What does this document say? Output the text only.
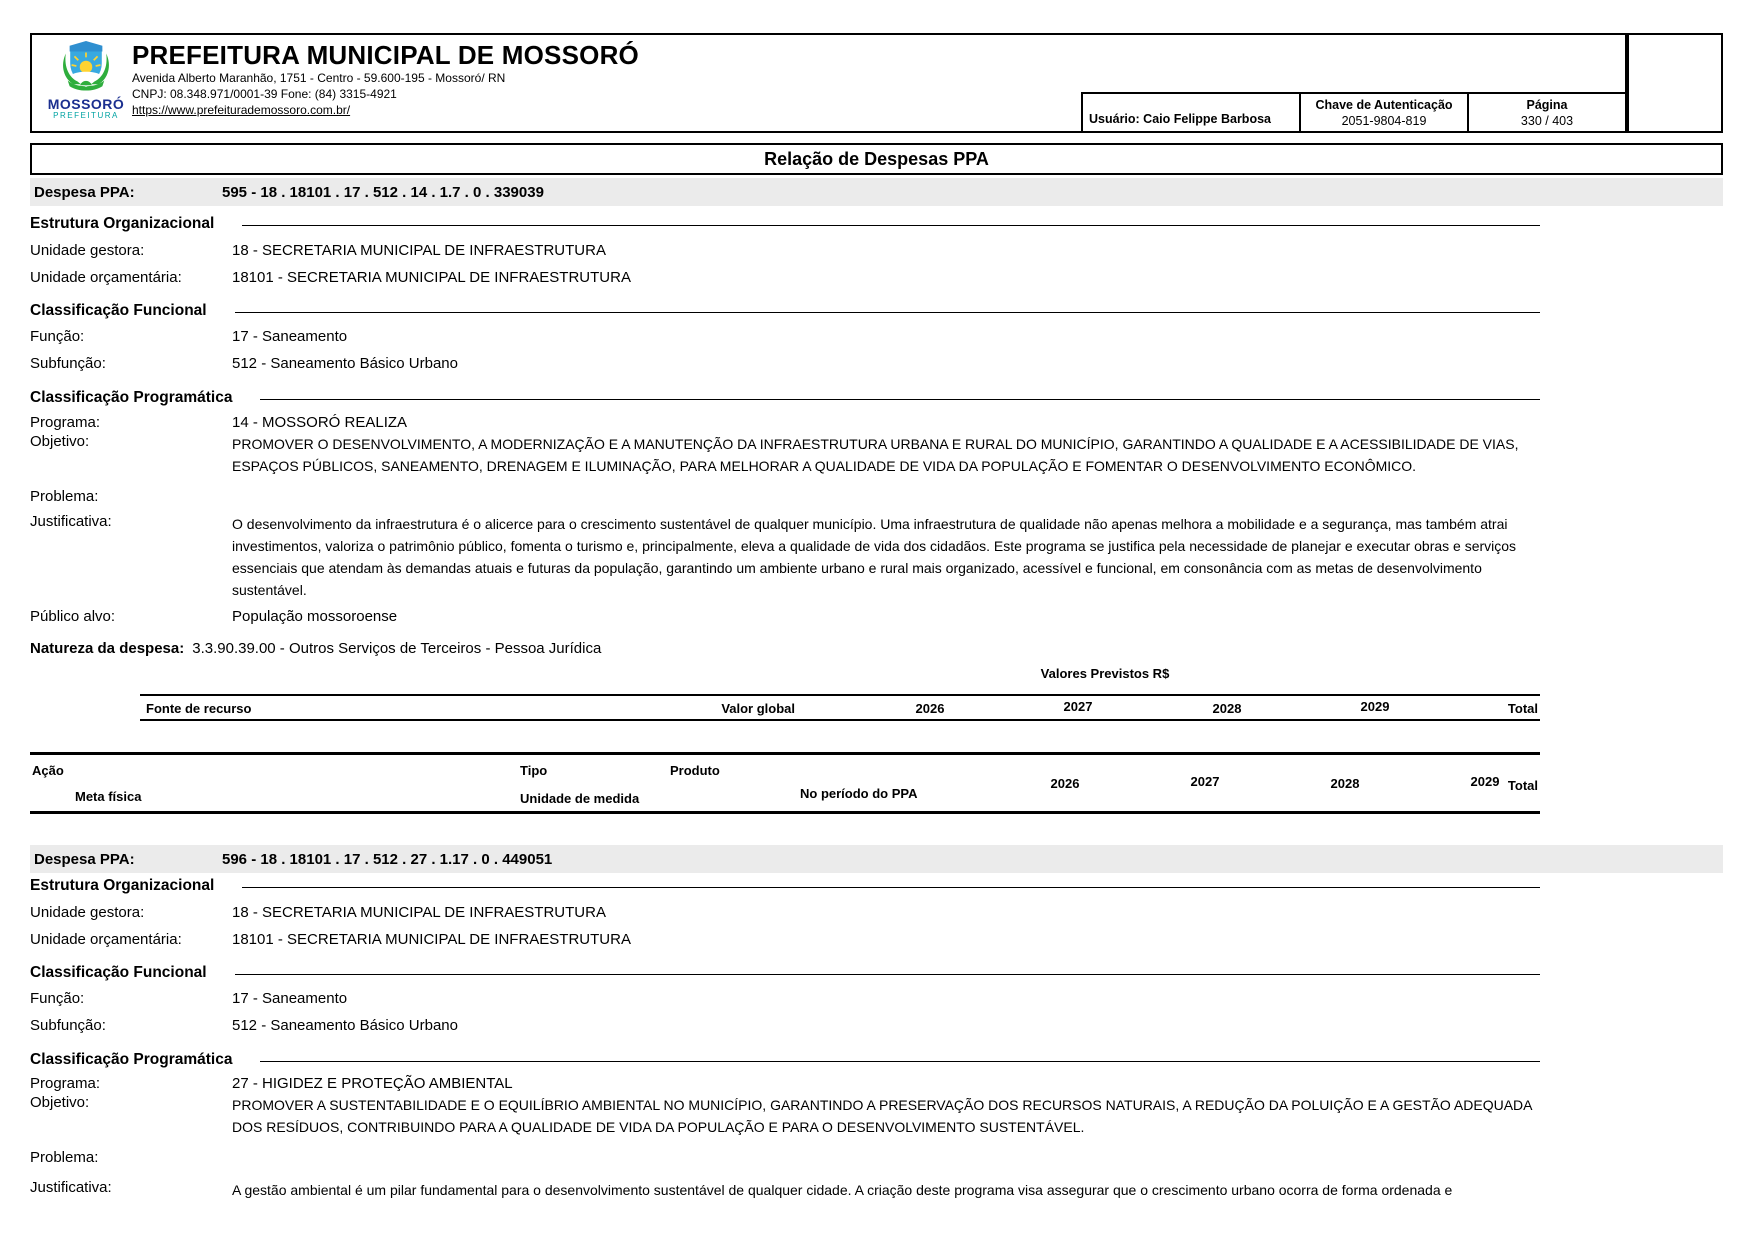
MOSSORÓ
PREFEITURA
PREFEITURA MUNICIPAL DE MOSSORÓ
Avenida Alberto Maranhão, 1751 - Centro - 59.600-195 - Mossoró/ RN
CNPJ: 08.348.971/0001-39 Fone: (84) 3315-4921
https://www.prefeiturademossoro.com.br/
Usuário: Caio Felippe Barbosa
Chave de Autenticação
2051-9804-819
Página
330 / 403
Relação de Despesas PPA
Despesa PPA:	595 - 18 . 18101 . 17 . 512 . 14 . 1.7 . 0 . 339039
Estrutura Organizacional
Unidade gestora:	18 - SECRETARIA MUNICIPAL DE INFRAESTRUTURA
Unidade orçamentária:	18101 - SECRETARIA MUNICIPAL DE INFRAESTRUTURA
Classificação Funcional
Função:	17 - Saneamento
Subfunção:	512 - Saneamento Básico Urbano
Classificação Programática
Programa:	14 - MOSSORÓ REALIZA
Objetivo:	PROMOVER O DESENVOLVIMENTO, A MODERNIZAÇÃO E A MANUTENÇÃO DA INFRAESTRUTURA URBANA E RURAL DO MUNICÍPIO, GARANTINDO A QUALIDADE E A ACESSIBILIDADE DE VIAS, ESPAÇOS PÚBLICOS, SANEAMENTO, DRENAGEM E ILUMINAÇÃO, PARA MELHORAR A QUALIDADE DE VIDA DA POPULAÇÃO E FOMENTAR O DESENVOLVIMENTO ECONÔMICO.
Problema:
Justificativa:	O desenvolvimento da infraestrutura é o alicerce para o crescimento sustentável de qualquer município. Uma infraestrutura de qualidade não apenas melhora a mobilidade e a segurança, mas também atrai investimentos, valoriza o patrimônio público, fomenta o turismo e, principalmente, eleva a qualidade de vida dos cidadãos. Este programa se justifica pela necessidade de planejar e executar obras e serviços essenciais que atendam às demandas atuais e futuras da população, garantindo um ambiente urbano e rural mais organizado, acessível e funcional, em consonância com as metas de desenvolvimento sustentável.
Público alvo:	População mossoroense
Natureza da despesa: 3.3.90.39.00 - Outros Serviços de Terceiros - Pessoa Jurídica
Valores Previstos R$
Fonte de recurso	Valor global	2026	2027	2028	2029	Total
Ação	Tipo	Produto
Meta física	Unidade de medida	No período do PPA
2026	2027	2028	2029 Total
Despesa PPA:	596 - 18 . 18101 . 17 . 512 . 27 . 1.17 . 0 . 449051
Estrutura Organizacional
Unidade gestora:	18 - SECRETARIA MUNICIPAL DE INFRAESTRUTURA
Unidade orçamentária:	18101 - SECRETARIA MUNICIPAL DE INFRAESTRUTURA
Classificação Funcional
Função:	17 - Saneamento
Subfunção:	512 - Saneamento Básico Urbano
Classificação Programática
Programa:	27 - HIGIDEZ E PROTEÇÃO AMBIENTAL
Objetivo:	PROMOVER A SUSTENTABILIDADE E O EQUILÍBRIO AMBIENTAL NO MUNICÍPIO, GARANTINDO A PRESERVAÇÃO DOS RECURSOS NATURAIS, A REDUÇÃO DA POLUIÇÃO E A GESTÃO ADEQUADA DOS RESÍDUOS, CONTRIBUINDO PARA A QUALIDADE DE VIDA DA POPULAÇÃO E PARA O DESENVOLVIMENTO SUSTENTÁVEL.
Problema:
Justificativa:	A gestão ambiental é um pilar fundamental para o desenvolvimento sustentável de qualquer cidade. A criação deste programa visa assegurar que o crescimento urbano ocorra de forma ordenada e
